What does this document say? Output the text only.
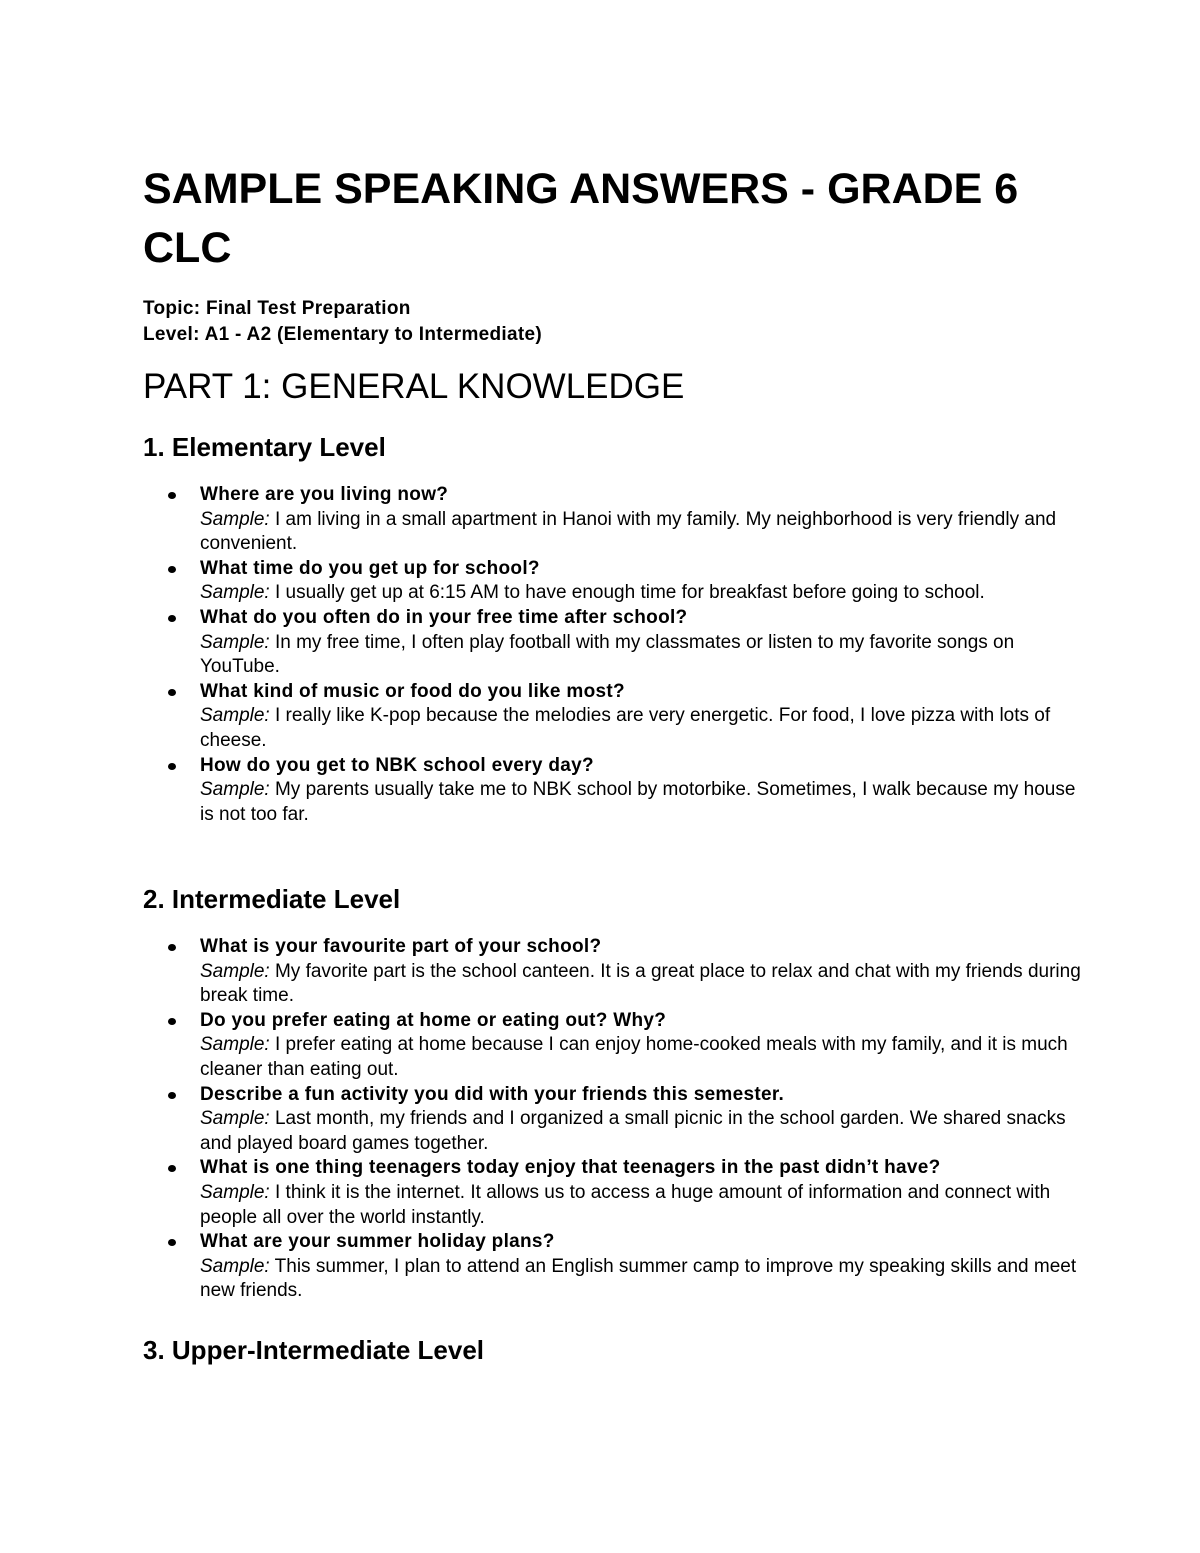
SAMPLE SPEAKING ANSWERS - GRADE 6 CLC
Topic: Final Test Preparation
Level: A1 - A2 (Elementary to Intermediate)
PART 1: GENERAL KNOWLEDGE
1. Elementary Level
Where are you living now?
Sample: I am living in a small apartment in Hanoi with my family. My neighborhood is very friendly and convenient.
What time do you get up for school?
Sample: I usually get up at 6:15 AM to have enough time for breakfast before going to school.
What do you often do in your free time after school?
Sample: In my free time, I often play football with my classmates or listen to my favorite songs on YouTube.
What kind of music or food do you like most?
Sample: I really like K-pop because the melodies are very energetic. For food, I love pizza with lots of cheese.
How do you get to NBK school every day?
Sample: My parents usually take me to NBK school by motorbike. Sometimes, I walk because my house is not too far.
2. Intermediate Level
What is your favourite part of your school?
Sample: My favorite part is the school canteen. It is a great place to relax and chat with my friends during break time.
Do you prefer eating at home or eating out? Why?
Sample: I prefer eating at home because I can enjoy home-cooked meals with my family, and it is much cleaner than eating out.
Describe a fun activity you did with your friends this semester.
Sample: Last month, my friends and I organized a small picnic in the school garden. We shared snacks and played board games together.
What is one thing teenagers today enjoy that teenagers in the past didn’t have?
Sample: I think it is the internet. It allows us to access a huge amount of information and connect with people all over the world instantly.
What are your summer holiday plans?
Sample: This summer, I plan to attend an English summer camp to improve my speaking skills and meet new friends.
3. Upper-Intermediate Level
